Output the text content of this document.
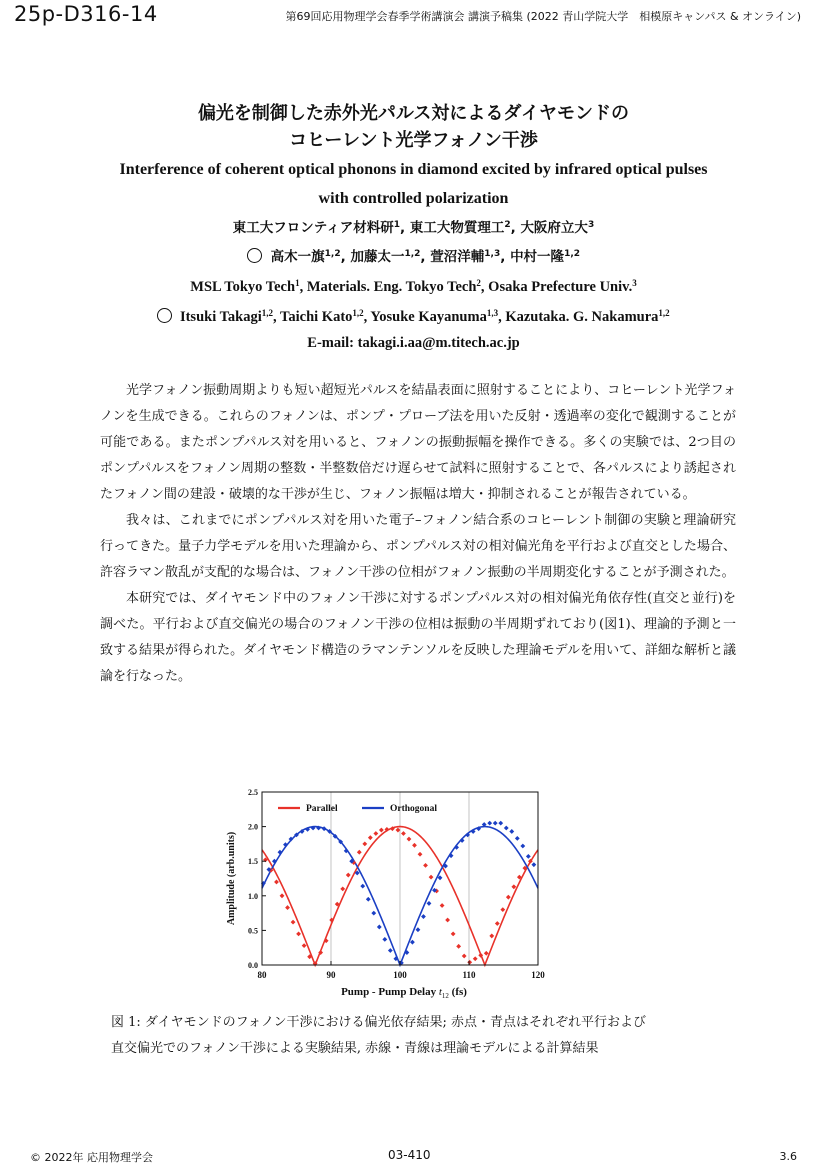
25p-D316-14	第69回応用物理学会春季学術講演会 講演予稿集 (2022 青山学院大学　相模原キャンパス & オンライン)
偏光を制御した赤外光パルス対によるダイヤモンドの
コヒーレント光学フォノン干渉
Interference of coherent optical phonons in diamond excited by infrared optical pulses
with controlled polarization
東工大フロンティア材料研$^1$, 東工大物質理工$^2$, 大阪府立大$^3$
高木一旗$^{1,2}$, 加藤太一$^{1,2}$, 萱沼洋輔$^{1,3}$, 中村一隆$^{1,2}$
MSL Tokyo Tech$^1$, Materials. Eng. Tokyo Tech$^2$, Osaka Prefecture Univ.$^3$
Itsuki Takagi$^{1,2}$, Taichi Kato$^{1,2}$, Yosuke Kayanuma$^{1,3}$, Kazutaka. G. Nakamura$^{1,2}$
E-mail: takagi.i.aa@m.titech.ac.jp

光学フォノン振動周期よりも短い超短光パルスを結晶表面に照射することにより、コヒーレント光学フォノンを生成できる。これらのフォノンは、ポンプ・プローブ法を用いた反射・透過率の変化で観測することが可能である。またポンプパルス対を用いると、フォノンの振動振幅を操作できる。多くの実験では、2つ目のポンプパルスをフォノン周期の整数・半整数倍だけ遅らせて試料に照射することで、各パルスにより誘起されたフォノン間の建設・破壊的な干渉が生じ、フォノン振幅は増大・抑制されることが報告されている。

我々は、これまでにポンプパルス対を用いた電子–フォノン結合系のコヒーレント制御の実験と理論研究行ってきた。量子力学モデルを用いた理論から、ポンプパルス対の相対偏光角を平行および直交とした場合、許容ラマン散乱が支配的な場合は、フォノン干渉の位相がフォノン振動の半周期変化することが予測された。

本研究では、ダイヤモンド中のフォノン干渉に対するポンプパルス対の相対偏光角依存性(直交と並行)を調べた。平行および直交偏光の場合のフォノン干渉の位相は振動の半周期ずれており(図1)、理論的予測と一致する結果が得られた。ダイヤモンド構造のラマンテンソルを反映した理論モデルを用いて、詳細な解析と議論を行なった。

80	90	100	110	120
0.0
0.5
1.0
1.5
2.0
2.5
Pump - Pump Delay $t_{12}$ (fs)
Amplitude (arb.units)
Parallel	Orthogonal
図 1: ダイヤモンドのフォノン干渉における偏光依存結果; 赤点・青点はそれぞれ平行および
直交偏光でのフォノン干渉による実験結果, 赤線・青線は理論モデルによる計算結果
© 2022年 応用物理学会	03-410	3.6
